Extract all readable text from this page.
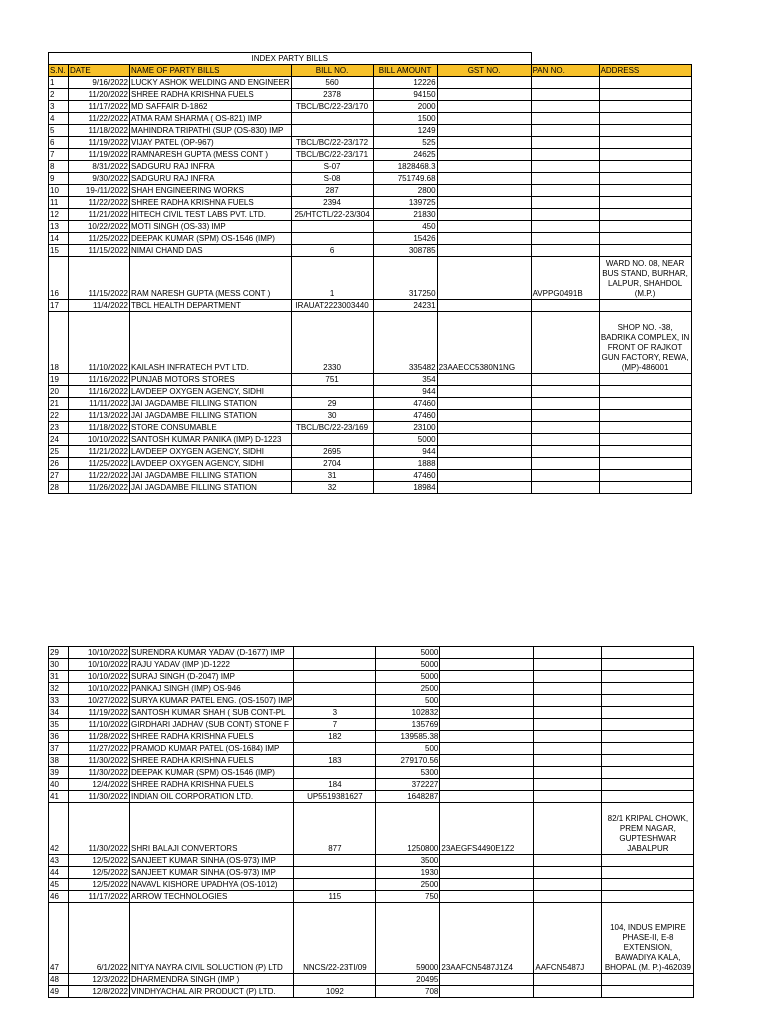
INDEX PARTY BILLS							
S.N.	DATE	NAME OF PARTY BILLS	BILL NO.	BILL AMOUNT	GST NO.	PAN NO.	ADDRESS
1	9/16/2022	LUCKY ASHOK WELDING AND ENGINEER	560	12226			
2	11/20/2022	SHREE RADHA KRISHNA FUELS	2378	94150			
3	11/17/2022	MD SAFFAIR D-1862	TBCL/BC/22-23/170	2000			
4	11/22/2022	ATMA RAM SHARMA ( OS-821) IMP		1500			
5	11/18/2022	MAHINDRA TRIPATHI (SUP (OS-830) IMP		1249			
6	11/19/2022	VIJAY PATEL (OP-967)	TBCL/BC/22-23/172	525			
7	11/19/2022	RAMNARESH GUPTA (MESS CONT )	TBCL/BC/22-23/171	24625			
8	8/31/2022	SADGURU RAJ INFRA	S-07	1828468.3			
9	9/30/2022	SADGURU RAJ INFRA	S-08	751749.68			
10	19-/11/2022	SHAH ENGINEERING WORKS	287	2800			
11	11/22/2022	SHREE RADHA KRISHNA FUELS	2394	139725			
12	11/21/2022	HITECH CIVIL TEST LABS PVT. LTD.	25/HTCTL/22-23/304	21830			
13	10/22/2022	MOTI SINGH (OS-33) IMP		450			
14	11/25/2022	DEEPAK KUMAR (SPM) OS-1546 (IMP)		15426			
15	11/15/2022	NIMAI CHAND DAS	6	308785			
16	11/15/2022	RAM NARESH GUPTA (MESS CONT )	1	317250		AVPPG0491B	WARD NO. 08, NEAR BUS STAND, BURHAR, LALPUR, SHAHDOL (M.P.)
17	11/4/2022	TBCL HEALTH DEPARTMENT	IRAUAT2223003440	24231			
18	11/10/2022	KAILASH INFRATECH PVT LTD.	2330	335482	23AAECC5380N1NG		SHOP NO. -38, BADRIKA COMPLEX, IN FRONT OF RAJKOT GUN FACTORY, REWA, (MP)-486001
19	11/16/2022	PUNJAB MOTORS STORES	751	354			
20	11/16/2022	LAVDEEP OXYGEN AGENCY, SIDHI		944			
21	11/11/2022	JAI JAGDAMBE FILLING STATION	29	47460			
22	11/13/2022	JAI JAGDAMBE FILLING STATION	30	47460			
23	11/18/2022	STORE CONSUMABLE	TBCL/BC/22-23/169	23100			
24	10/10/2022	SANTOSH KUMAR PANIKA (IMP) D-1223		5000			
25	11/21/2022	LAVDEEP OXYGEN AGENCY, SIDHI	2695	944			
26	11/25/2022	LAVDEEP OXYGEN AGENCY, SIDHI	2704	1888			
27	11/22/2022	JAI JAGDAMBE FILLING STATION	31	47460			
28	11/26/2022	JAI JAGDAMBE FILLING STATION	32	18984			
29	10/10/2022	SURENDRA KUMAR YADAV (D-1677) IMP		5000			
30	10/10/2022	RAJU YADAV (IMP )D-1222		5000			
31	10/10/2022	SURAJ SINGH (D-2047) IMP		5000			
32	10/10/2022	PANKAJ SINGH (IMP) OS-946		2500			
33	10/27/2022	SURYA KUMAR PATEL ENG. (OS-1507) IMP		500			
34	11/19/2022	SANTOSH KUMAR SHAH ( SUB CONT-PL	3	102832			
35	11/10/2022	GIRDHARI JADHAV (SUB CONT) STONE F	7	135769			
36	11/28/2022	SHREE RADHA KRISHNA FUELS	182	139585.38			
37	11/27/2022	PRAMOD KUMAR PATEL (OS-1684) IMP		500			
38	11/30/2022	SHREE RADHA KRISHNA FUELS	183	279170.56			
39	11/30/2022	DEEPAK KUMAR (SPM) OS-1546 (IMP)		5300			
40	12/4/2022	SHREE RADHA KRISHNA FUELS	184	372227			
41	11/30/2022	INDIAN OIL CORPORATION LTD.	UP5519381627	1648287			
42	11/30/2022	SHRI BALAJI CONVERTORS	877	1250800	23AEGFS4490E1Z2		82/1 KRIPAL CHOWK, PREM NAGAR, GUPTESHWAR JABALPUR
43	12/5/2022	SANJEET KUMAR SINHA (OS-973) IMP		3500			
44	12/5/2022	SANJEET KUMAR SINHA (OS-973) IMP		1930			
45	12/5/2022	NAVAVL KISHORE UPADHYA (OS-1012)		2500			
46	11/17/2022	ARROW TECHNOLOGIES	115	750			
47	6/1/2022	NITYA NAYRA CIVIL SOLUCTION (P) LTD	NNCS/22-23TI/09	59000	23AAFCN5487J1Z4	AAFCN5487J	104, INDUS EMPIRE PHASE-II, E-8 EXTENSION, BAWADIYA KALA, BHOPAL (M. P.)-462039
48	12/3/2022	DHARMENDRA SINGH (IMP )		20495			
49	12/8/2022	VINDHYACHAL AIR PRODUCT (P) LTD.	1092	708			
